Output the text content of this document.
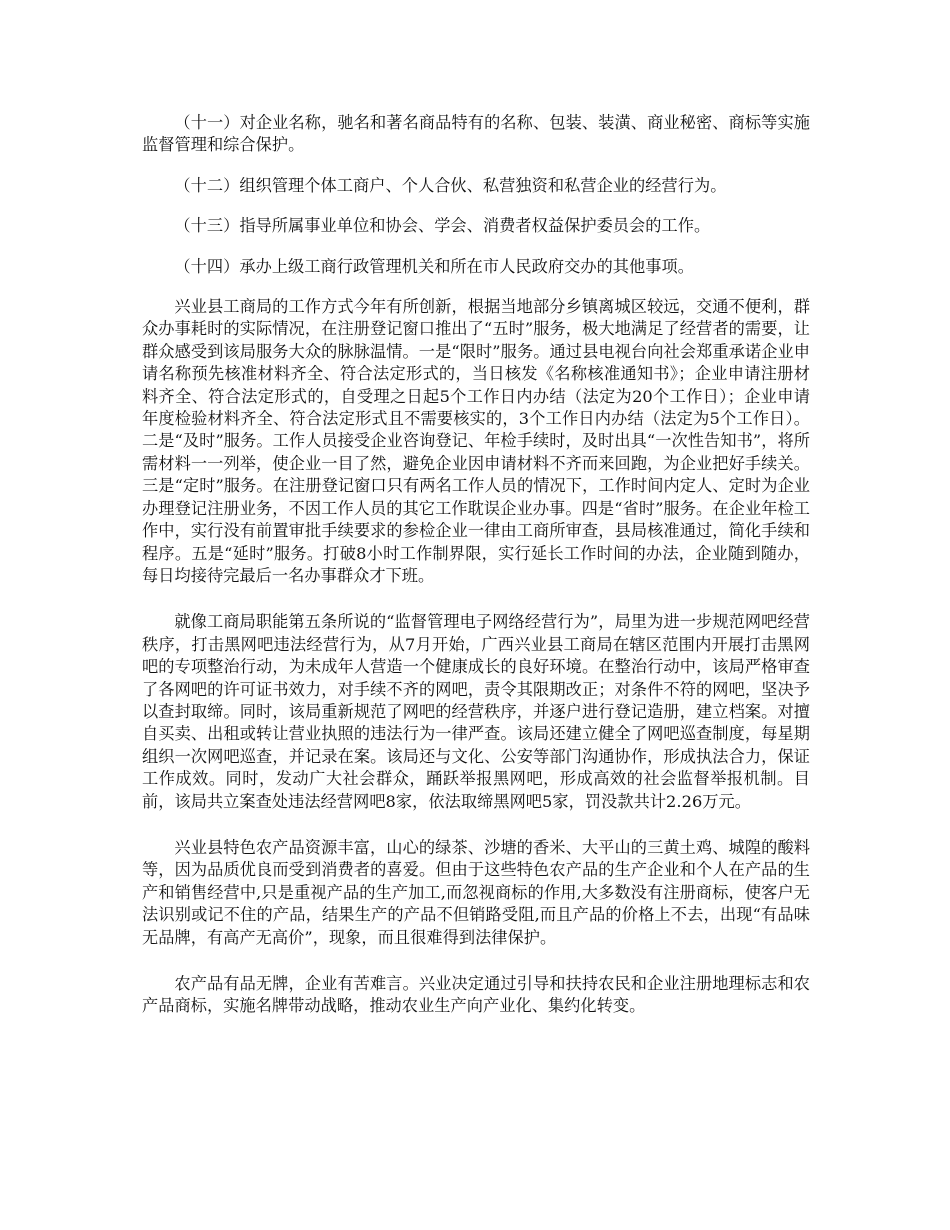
（十一）对企业名称，驰名和著名商品特有的名称、包装、装潢、商业秘密、商标等实施监督管理和综合保护。

（十二）组织管理个体工商户、个人合伙、私营独资和私营企业的经营行为。

（十三）指导所属事业单位和协会、学会、消费者权益保护委员会的工作。

（十四）承办上级工商行政管理机关和所在市人民政府交办的其他事项。

兴业县工商局的工作方式今年有所创新，根据当地部分乡镇离城区较远，交通不便利，群众办事耗时的实际情况，在注册登记窗口推出了“五时”服务，极大地满足了经营者的需要，让群众感受到该局服务大众的脉脉温情。一是“限时”服务。通过县电视台向社会郑重承诺企业申请名称预先核准材料齐全、符合法定形式的，当日核发《名称核准通知书》；企业申请注册材料齐全、符合法定形式的，自受理之日起5个工作日内办结（法定为20个工作日）；企业申请年度检验材料齐全、符合法定形式且不需要核实的，3个工作日内办结（法定为5个工作日）。二是“及时”服务。工作人员接受企业咨询登记、年检手续时，及时出具“一次性告知书”，将所需材料一一列举，使企业一目了然，避免企业因申请材料不齐而来回跑，为企业把好手续关。三是“定时”服务。在注册登记窗口只有两名工作人员的情况下，工作时间内定人、定时为企业办理登记注册业务，不因工作人员的其它工作耽误企业办事。四是“省时”服务。在企业年检工作中，实行没有前置审批手续要求的参检企业一律由工商所审查，县局核准通过，简化手续和程序。五是“延时”服务。打破8小时工作制界限，实行延长工作时间的办法，企业随到随办，每日均接待完最后一名办事群众才下班。

就像工商局职能第五条所说的“监督管理电子网络经营行为”，局里为进一步规范网吧经营秩序，打击黑网吧违法经营行为，从7月开始，广西兴业县工商局在辖区范围内开展打击黑网吧的专项整治行动，为未成年人营造一个健康成长的良好环境。在整治行动中，该局严格审查了各网吧的许可证书效力，对手续不齐的网吧，责令其限期改正；对条件不符的网吧，坚决予以查封取缔。同时，该局重新规范了网吧的经营秩序，并逐户进行登记造册，建立档案。对擅自买卖、出租或转让营业执照的违法行为一律严查。该局还建立健全了网吧巡查制度，每星期组织一次网吧巡查，并记录在案。该局还与文化、公安等部门沟通协作，形成执法合力，保证工作成效。同时，发动广大社会群众，踊跃举报黑网吧，形成高效的社会监督举报机制。目前，该局共立案查处违法经营网吧8家，依法取缔黑网吧5家，罚没款共计2.26万元。

兴业县特色农产品资源丰富，山心的绿茶、沙塘的香米、大平山的三黄土鸡、城隍的酸料等，因为品质优良而受到消费者的喜爱。但由于这些特色农产品的生产企业和个人在产品的生产和销售经营中,只是重视产品的生产加工,而忽视商标的作用,大多数没有注册商标，使客户无法识别或记不住的产品，结果生产的产品不但销路受阻,而且产品的价格上不去，出现“有品味无品牌，有高产无高价”，现象，而且很难得到法律保护。

农产品有品无牌，企业有苦难言。兴业决定通过引导和扶持农民和企业注册地理标志和农产品商标，实施名牌带动战略，推动农业生产向产业化、集约化转变。
